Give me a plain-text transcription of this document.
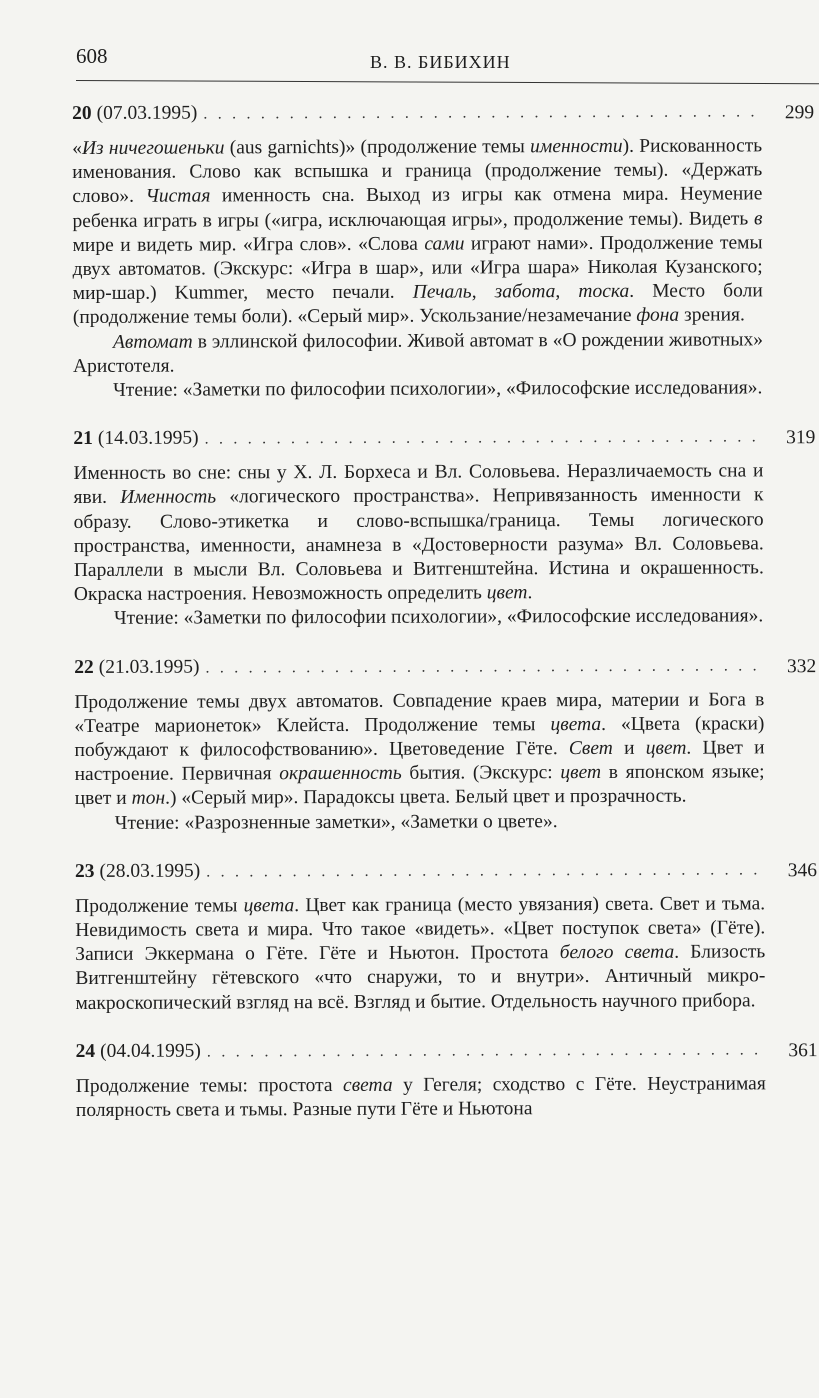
608	В. В. БИБИХИН
20 (07.03.1995) . . .	299

«Из ничегошеньки (aus garnichts)» (продолжение темы именности). Рискованность именования. Слово как вспышка и граница (продолжение темы). «Держать слово». Чистая именность сна. Выход из игры как отмена мира. Неумение ребенка играть в игры («игра, исключающая игры», продолжение темы). Видеть в мире и видеть мир. «Игра слов». «Слова сами играют нами». Продолжение темы двух автоматов. (Экскурс: «Игра в шар», или «Игра шара» Николая Кузанского; мир-шар.) Kummer, место печали. Печаль, забота, тоска. Место боли (продолжение темы боли). «Серый мир». Ускользание/незамечание фона зрения.

Автомат в эллинской философии. Живой автомат в «О рождении животных» Аристотеля.

Чтение: «Заметки по философии психологии», «Философские исследования».

21 (14.03.1995) . . .	319

Именность во сне: сны у Х. Л. Борхеса и Вл. Соловьева. Неразличаемость сна и яви. Именность «логического пространства». Непривязанность именности к образу. Слово-этикетка и слово-вспышка/граница. Темы логического пространства, именности, анамнеза в «Достоверности разума» Вл. Соловьева. Параллели в мысли Вл. Соловьева и Витгенштейна. Истина и окрашенность. Окраска настроения. Невозможность определить цвет.

Чтение: «Заметки по философии психологии», «Философские исследования».

22 (21.03.1995) . . .	332

Продолжение темы двух автоматов. Совпадение краев мира, материи и Бога в «Театре марионеток» Клейста. Продолжение темы цвета. «Цвета (краски) побуждают к философствованию». Цветоведение Гёте. Свет и цвет. Цвет и настроение. Первичная окрашенность бытия. (Экскурс: цвет в японском языке; цвет и тон.) «Серый мир». Парадоксы цвета. Белый цвет и прозрачность.

Чтение: «Разрозненные заметки», «Заметки о цвете».

23 (28.03.1995) . . .	346

Продолжение темы цвета. Цвет как граница (место увязания) света. Свет и тьма. Невидимость света и мира. Что такое «видеть». «Цвет поступок света» (Гёте). Записи Эккермана о Гёте. Гёте и Ньютон. Простота белого света. Близость Витгенштейну гётевского «что снаружи, то и внутри». Античный микро-макроскопический взгляд на всё. Взгляд и бытие. Отдельность научного прибора.

24 (04.04.1995) . . .	361

Продолжение темы: простота света у Гегеля; сходство с Гёте. Неустранимая полярность света и тьмы. Разные пути Гёте и Ньютона
